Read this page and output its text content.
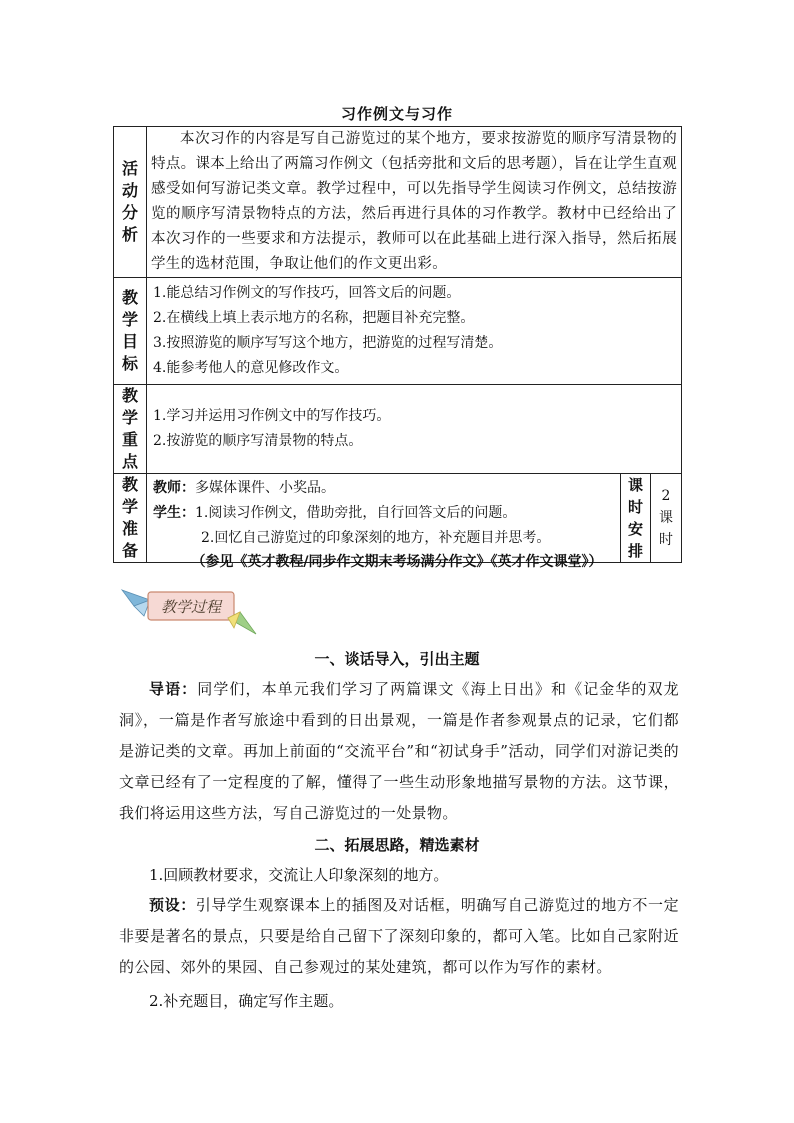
习作例文与习作
活动分析	本次习作的内容是写自己游览过的某个地方，要求按游览的顺序写清景物的特点。课本上给出了两篇习作例文（包括旁批和文后的思考题），旨在让学生直观感受如何写游记类文章。教学过程中，可以先指导学生阅读习作例文，总结按游览的顺序写清景物特点的方法，然后再进行具体的习作教学。教材中已经给出了本次习作的一些要求和方法提示，教师可以在此基础上进行深入指导，然后拓展学生的选材范围，争取让他们的作文更出彩。		

教学目标	1.能总结习作例文的写作技巧，回答文后的问题。
2.在横线上填上表示地方的名称，把题目补充完整。
3.按照游览的顺序写写这个地方，把游览的过程写清楚。
4.能参考他人的意见修改作文。		

教学重点	1.学习并运用习作例文中的写作技巧。
2.按游览的顺序写清景物的特点。		

教学准备	教师：多媒体课件、小奖品。
学生：1.阅读习作例文，借助旁批，自行回答文后的问题。
2.回忆自己游览过的印象深刻的地方，补充题目并思考。	课时安排	2课时
（参见《英才教程/同步作文期末考场满分作文》《英才作文课堂》）
教学过程
一、谈话导入，引出主题
导语：同学们，本单元我们学习了两篇课文《海上日出》和《记金华的双龙洞》，一篇是作者写旅途中看到的日出景观，一篇是作者参观景点的记录，它们都是游记类的文章。再加上前面的“交流平台”和“初试身手”活动，同学们对游记类的文章已经有了一定程度的了解，懂得了一些生动形象地描写景物的方法。这节课，我们将运用这些方法，写自己游览过的一处景物。
二、拓展思路，精选素材
1.回顾教材要求，交流让人印象深刻的地方。
预设：引导学生观察课本上的插图及对话框，明确写自己游览过的地方不一定非要是著名的景点，只要是给自己留下了深刻印象的，都可入笔。比如自己家附近的公园、郊外的果园、自己参观过的某处建筑，都可以作为写作的素材。
2.补充题目，确定写作主题。
